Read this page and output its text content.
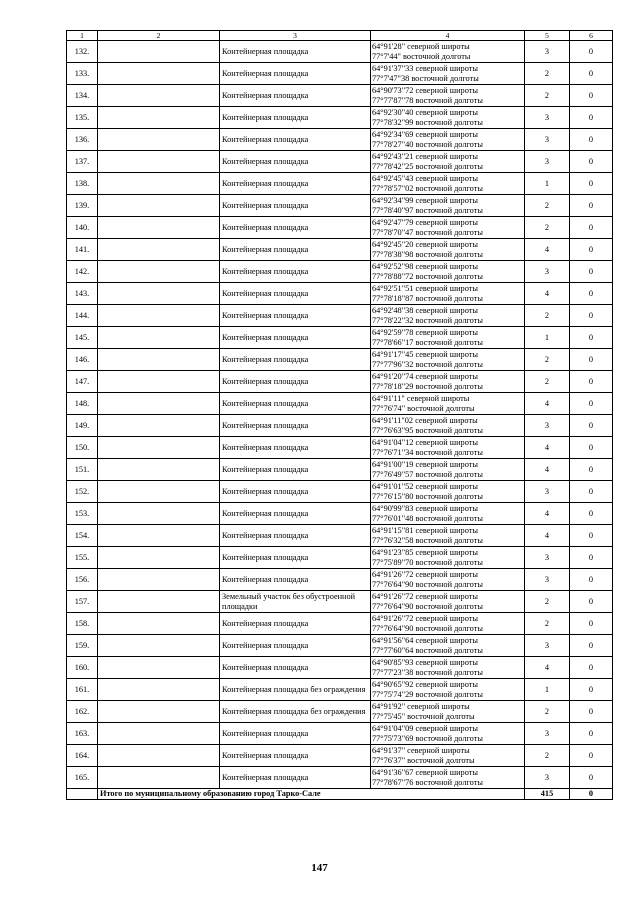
1	2	3	4	5	6
132.		Контейнерная площадка	64°91'28" северной широты
77°7'44" восточной долготы	3	0
133.		Контейнерная площадка	64°91'37"33 северной широты
77°7'47"38 восточной долготы	2	0
134.		Контейнерная площадка	64°90'73"72 северной широты
77°77'87"78 восточной долготы	2	0
135.		Контейнерная площадка	64°92'30"40 северной широты
77°78'32"99 восточной долготы	3	0
136.		Контейнерная площадка	64°92'34"69 северной широты
77°78'27"40 восточной долготы	3	0
137.		Контейнерная площадка	64°92'43"21 северной широты
77°78'42"25 восточной долготы	3	0
138.		Контейнерная площадка	64°92'45"43 северной широты
77°78'57"02 восточной долготы	1	0
139.		Контейнерная площадка	64°92'34"99 северной широты
77°78'40"97 восточной долготы	2	0
140.		Контейнерная площадка	64°92'47"79 северной широты
77°78'70"47 восточной долготы	2	0
141.		Контейнерная площадка	64°92'45"20 северной широты
77°78'38"98 восточной долготы	4	0
142.		Контейнерная площадка	64°92'52"98 северной широты
77°78'88"72 восточной долготы	3	0
143.		Контейнерная площадка	64°92'51"51 северной широты
77°78'18"87 восточной долготы	4	0
144.		Контейнерная площадка	64°92'48"38 северной широты
77°78'22"32 восточной долготы	2	0
145.		Контейнерная площадка	64°92'59"78 северной широты
77°78'66"17 восточной долготы	1	0
146.		Контейнерная площадка	64°91'17"45 северной широты
77°77'96"32 восточной долготы	2	0
147.		Контейнерная площадка	64°91'20"74 северной широты
77°78'18"29 восточной долготы	2	0
148.		Контейнерная площадка	64°91'11" северной широты
77°76'74" восточной долготы	4	0
149.		Контейнерная площадка	64°91'11"02 северной широты
77°76'63"95 восточной долготы	3	0
150.		Контейнерная площадка	64°91'04"12 северной широты
77°76'71"34 восточной долготы	4	0
151.		Контейнерная площадка	64°91'00"19 северной широты
77°76'49"57 восточной долготы	4	0
152.		Контейнерная площадка	64°91'01"52 северной широты
77°76'15"80 восточной долготы	3	0
153.		Контейнерная площадка	64°90'99"83 северной широты
77°76'01"48 восточной долготы	4	0
154.		Контейнерная площадка	64°91'15"81 северной широты
77°76'32"58 восточной долготы	4	0
155.		Контейнерная площадка	64°91'23"85 северной широты
77°75'89"70 восточной долготы	3	0
156.		Контейнерная площадка	64°91'26"72 северной широты
77°76'64"90 восточной долготы	3	0
157.		Земельный участок без обустроенной площадки	64°91'26"72 северной широты
77°76'64"90 восточной долготы	2	0
158.		Контейнерная площадка	64°91'26"72 северной широты
77°76'64"90 восточной долготы	2	0
159.		Контейнерная площадка	64°91'56"64 северной широты
77°77'60"64 восточной долготы	3	0
160.		Контейнерная площадка	64°90'85"93 северной широты
77°77'23"38 восточной долготы	4	0
161.		Контейнерная площадка без ограждения	64°90'65"92 северной широты
77°75'74"29 восточной долготы	1	0
162.		Контейнерная площадка без ограждения	64°91'92" северной широты
77°75'45" восточной долготы	2	0
163.		Контейнерная площадка	64°91'04"09 северной широты
77°75'73"69 восточной долготы	3	0
164.		Контейнерная площадка	64°91'37" северной широты
77°76'37" восточной долготы	2	0
165.		Контейнерная площадка	64°91'36"67 северной широты
77°78'67"76 восточной долготы	3	0
	Итого по муниципальному образованию город Тарко-Сале			415	0
147
